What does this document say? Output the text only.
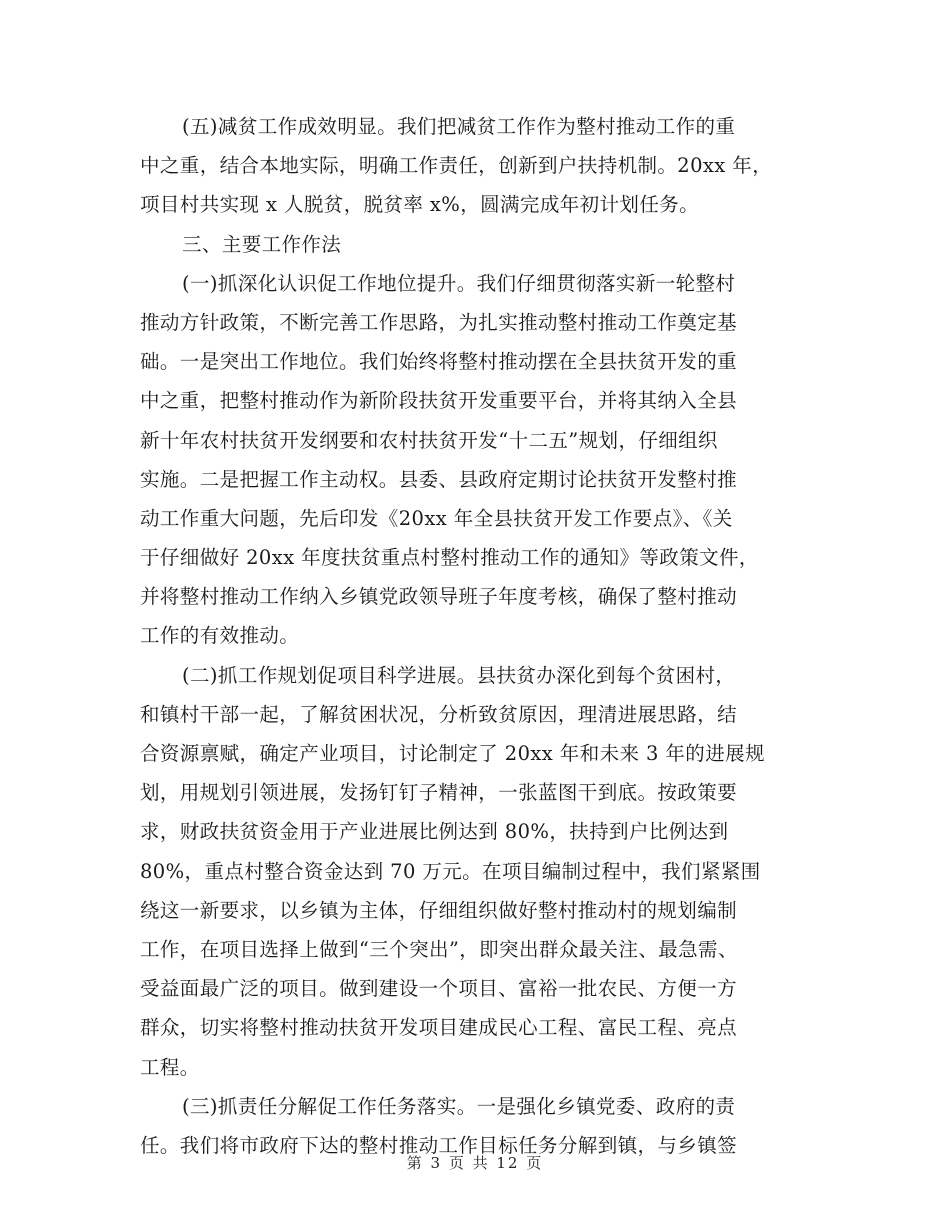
(五)减贫工作成效明显。我们把减贫工作作为整村推动工作的重
中之重，结合本地实际，明确工作责任，创新到户扶持机制。20xx 年，
项目村共实现 x 人脱贫，脱贫率 x%，圆满完成年初计划任务。
三、主要工作作法
(一)抓深化认识促工作地位提升。我们仔细贯彻落实新一轮整村
推动方针政策，不断完善工作思路，为扎实推动整村推动工作奠定基
础。一是突出工作地位。我们始终将整村推动摆在全县扶贫开发的重
中之重，把整村推动作为新阶段扶贫开发重要平台，并将其纳入全县
新十年农村扶贫开发纲要和农村扶贫开发“十二五”规划，仔细组织
实施。二是把握工作主动权。县委、县政府定期讨论扶贫开发整村推
动工作重大问题，先后印发《20xx 年全县扶贫开发工作要点》、《关
于仔细做好 20xx 年度扶贫重点村整村推动工作的通知》等政策文件，
并将整村推动工作纳入乡镇党政领导班子年度考核，确保了整村推动
工作的有效推动。
(二)抓工作规划促项目科学进展。县扶贫办深化到每个贫困村，
和镇村干部一起，了解贫困状况，分析致贫原因，理清进展思路，结
合资源禀赋，确定产业项目，讨论制定了 20xx 年和未来 3 年的进展规
划，用规划引领进展，发扬钉钉子精神，一张蓝图干到底。按政策要
求，财政扶贫资金用于产业进展比例达到 80%，扶持到户比例达到
80%，重点村整合资金达到 70 万元。在项目编制过程中，我们紧紧围
绕这一新要求，以乡镇为主体，仔细组织做好整村推动村的规划编制
工作，在项目选择上做到“三个突出”，即突出群众最关注、最急需、
受益面最广泛的项目。做到建设一个项目、富裕一批农民、方便一方
群众，切实将整村推动扶贫开发项目建成民心工程、富民工程、亮点
工程。
(三)抓责任分解促工作任务落实。一是强化乡镇党委、政府的责
任。我们将市政府下达的整村推动工作目标任务分解到镇，与乡镇签
第 3 页 共 12 页
